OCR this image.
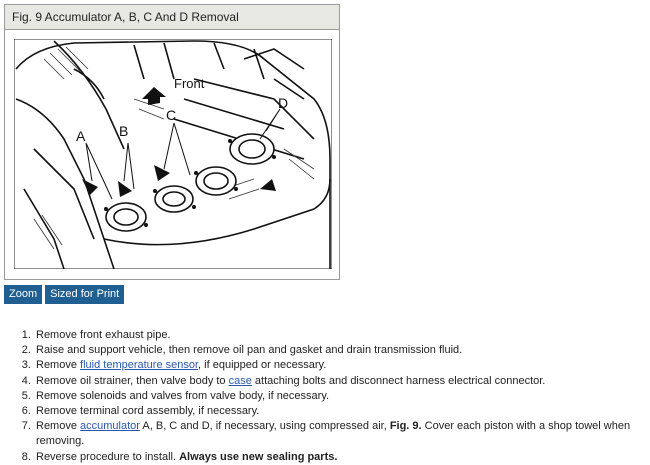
Fig. 9 Accumulator A, B, C And D Removal
Front
A B
C
D
Zoom	Sized for Print
1. Remove front exhaust pipe.
2. Raise and support vehicle, then remove oil pan and gasket and drain transmission fluid.
3. Remove fluid temperature sensor, if equipped or necessary.
4. Remove oil strainer, then valve body to case attaching bolts and disconnect harness electrical connector.
5. Remove solenoids and valves from valve body, if necessary.
6. Remove terminal cord assembly, if necessary.
7. Remove accumulator A, B, C and D, if necessary, using compressed air, Fig. 9. Cover each piston with a shop towel when removing.
8. Reverse procedure to install. Always use new sealing parts.
